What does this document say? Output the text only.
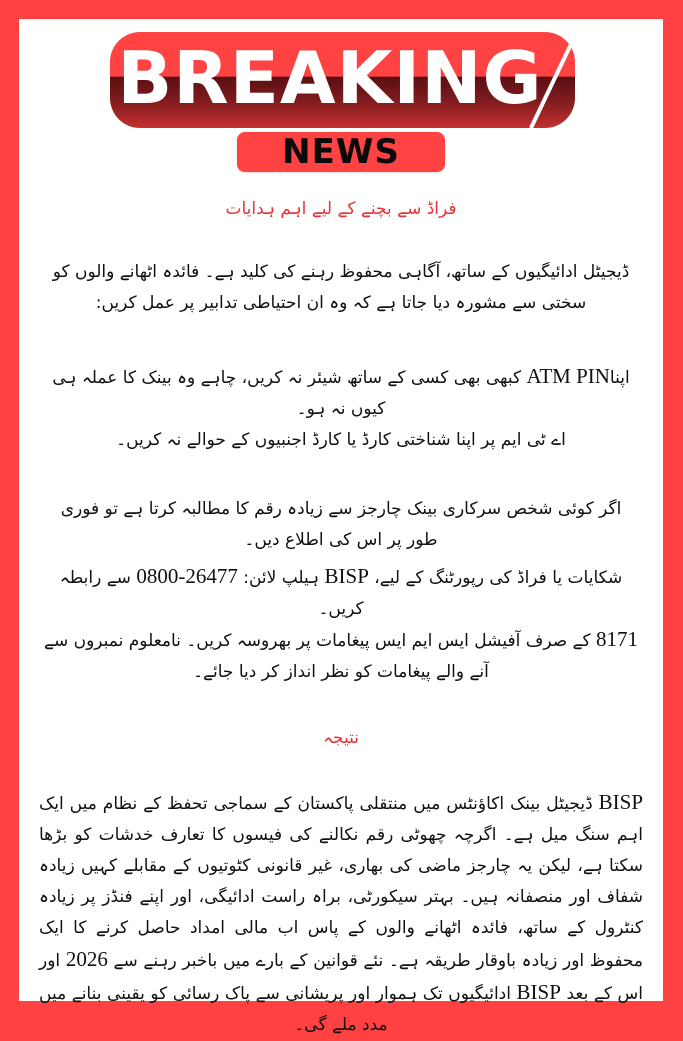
BREAKING
NEWS
فراڈ سے بچنے کے لیے اہم ہدایات
ڈیجیٹل ادائیگیوں کے ساتھ، آگاہی محفوظ رہنے کی کلید ہے۔ فائدہ اٹھانے والوں کو سختی سے مشورہ دیا جاتا ہے کہ وہ ان احتیاطی تدابیر پر عمل کریں:
اپناATM PIN کبھی بھی کسی کے ساتھ شیئر نہ کریں، چاہے وہ بینک کا عملہ ہی کیوں نہ ہو۔
اے ٹی ایم پر اپنا شناختی کارڈ یا کارڈ اجنبیوں کے حوالے نہ کریں۔
اگر کوئی شخص سرکاری بینک چارجز سے زیادہ رقم کا مطالبہ کرتا ہے تو فوری طور پر اس کی اطلاع دیں۔
شکایات یا فراڈ کی رپورٹنگ کے لیے، BISP ہیلپ لائن: 0800-26477 سے رابطہ کریں۔
8171 کے صرف آفیشل ایس ایم ایس پیغامات پر بھروسہ کریں۔ نامعلوم نمبروں سے آنے والے پیغامات کو نظر انداز کر دیا جائے۔
نتیجہ
BISP ڈیجیٹل بینک اکاؤنٹس میں منتقلی پاکستان کے سماجی تحفظ کے نظام میں ایک اہم سنگ میل ہے۔ اگرچہ چھوٹی رقم نکالنے کی فیسوں کا تعارف خدشات کو بڑھا سکتا ہے، لیکن یہ چارجز ماضی کی بھاری، غیر قانونی کٹوتیوں کے مقابلے کہیں زیادہ شفاف اور منصفانہ ہیں۔ بہتر سیکورٹی، براہ راست ادائیگی، اور اپنے فنڈز پر زیادہ کنٹرول کے ساتھ، فائدہ اٹھانے والوں کے پاس اب مالی امداد حاصل کرنے کا ایک محفوظ اور زیادہ باوقار طریقہ ہے۔ نئے قوانین کے بارے میں باخبر رہنے سے 2026 اور اس کے بعد BISP ادائیگیوں تک ہموار اور پریشانی سے پاک رسائی کو یقینی بنانے میں مدد ملے گی۔
